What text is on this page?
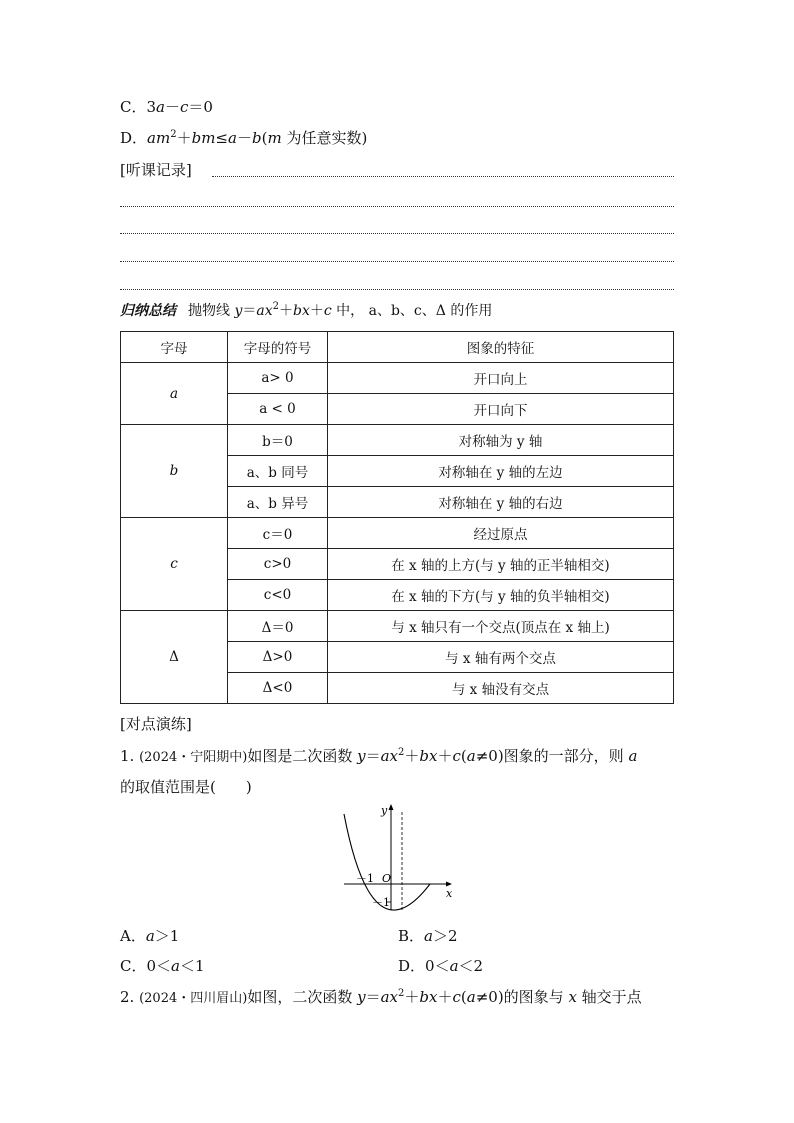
C．3a－c＝0
D．$am^2+bm\le a-b(m$ 为任意实数)
[听课记录]
归纳总结 抛物线 $y=ax^2+bx+c$ 中， a、b、c、Δ 的作用
字母	字母的符号	图象的特征
a	a> 0	开口向上
	a < 0	开口向下
b	b＝0	对称轴为 y 轴
	a、b 同号	对称轴在 y 轴的左边
	a、b 异号	对称轴在 y 轴的右边
c	c＝0	经过原点
	c>0	在 x 轴的上方(与 y 轴的正半轴相交)
	c<0	在 x 轴的下方(与 y 轴的负半轴相交)
Δ	Δ＝0	与 x 轴只有一个交点(顶点在 x 轴上)
	Δ>0	与 x 轴有两个交点
	Δ<0	与 x 轴没有交点
[对点演练]
1. (2024・宁阳期中)如图是二次函数 $y=ax^2+bx+c(a\ne 0)$图象的一部分，则 a
的取值范围是(　　)
y
x
O
－1
－1
A．a＞1	B．a＞2
C．0＜a＜1	D．0＜a＜2
2. (2024・四川眉山)如图，二次函数 $y=ax^2+bx+c(a\ne 0)$的图象与 x 轴交于点
